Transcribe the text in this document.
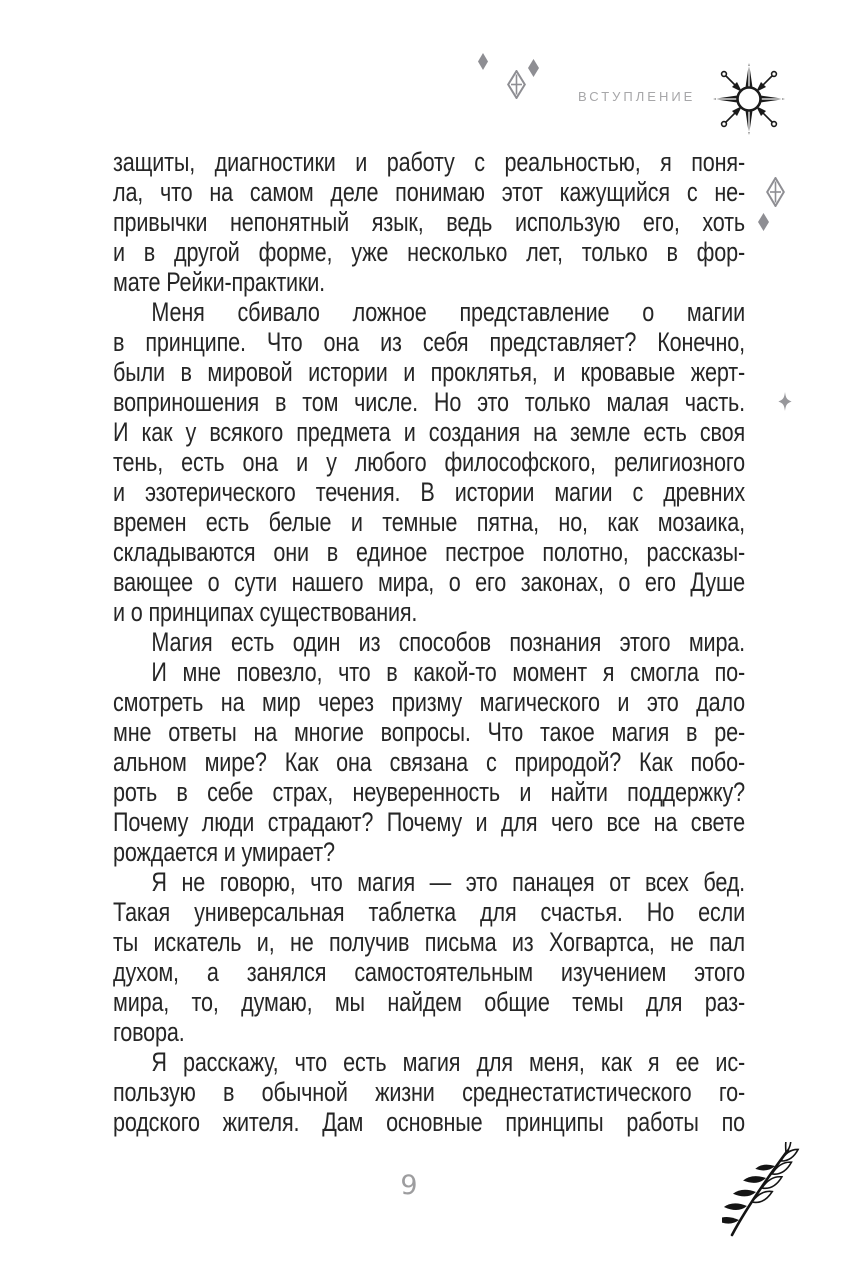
ВСТУПЛЕНИЕ
защиты, диагностики и работу с реальностью, я поня-
ла, что на самом деле понимаю этот кажущийся с не-
привычки непонятный язык, ведь использую его, хоть
и в другой форме, уже несколько лет, только в фор-
мате Рейки-практики.
Меня сбивало ложное представление о магии
в принципе. Что она из себя представляет? Конечно,
были в мировой истории и проклятья, и кровавые жерт-
воприношения в том числе. Но это только малая часть.
И как у всякого предмета и создания на земле есть своя
тень, есть она и у любого философского, религиозного
и эзотерического течения. В истории магии с древних
времен есть белые и темные пятна, но, как мозаика,
складываются они в единое пестрое полотно, рассказы-
вающее о сути нашего мира, о его законах, о его Душе
и о принципах существования.
Магия есть один из способов познания этого мира.
И мне повезло, что в какой-то момент я смогла по-
смотреть на мир через призму магического и это дало
мне ответы на многие вопросы. Что такое магия в ре-
альном мире? Как она связана с природой? Как побо-
роть в себе страх, неуверенность и найти поддержку?
Почему люди страдают? Почему и для чего все на свете
рождается и умирает?
Я не говорю, что магия — это панацея от всех бед.
Такая универсальная таблетка для счастья. Но если
ты искатель и, не получив письма из Хогвартса, не пал
духом, а занялся самостоятельным изучением этого
мира, то, думаю, мы найдем общие темы для раз-
говора.
Я расскажу, что есть магия для меня, как я ее ис-
пользую в обычной жизни среднестатистического го-
родского жителя. Дам основные принципы работы по
9
